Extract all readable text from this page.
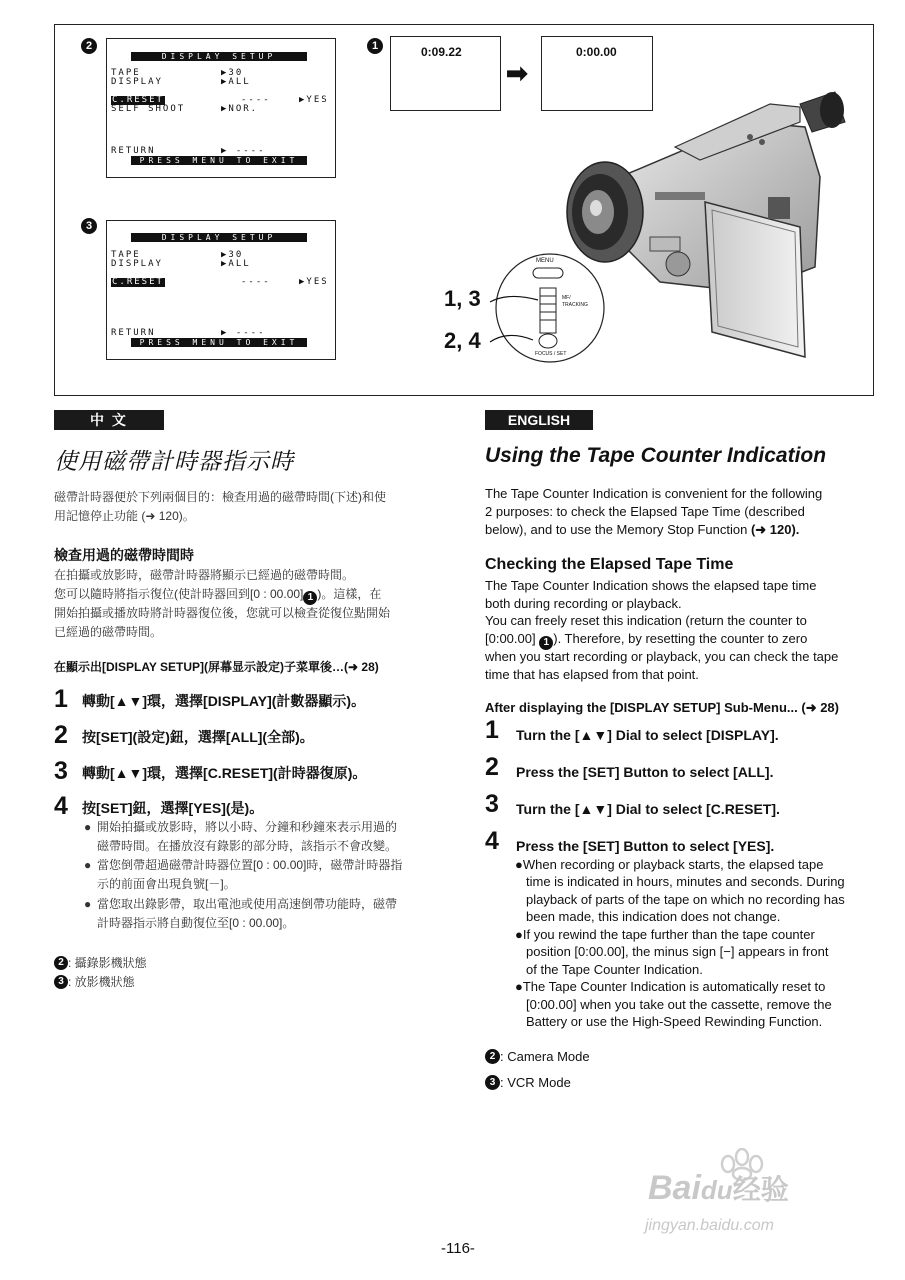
2
DISPLAY SETUP
TAPE	▶30
DISPLAY	▶ALL
C.RESET	----	▶YES
SELF SHOOT	▶NOR.
RETURN	▶ ----
PRESS MENU TO EXIT
3
DISPLAY SETUP
TAPE	▶30
DISPLAY	▶ALL
C.RESET	----	▶YES
RETURN	▶ ----
PRESS MENU TO EXIT
1	0:09.22
➡
0:00.00
MENU
MF/
TRACKING
FOCUS / SET
1, 3
2, 4
中 文
使用磁帶計時器指示時
磁帶計時器便於下列兩個目的：檢查用過的磁帶時間(下述)和使
用記憶停止功能 (➜ 120)。
檢查用過的磁帶時間時
在拍攝或放影時，磁帶計時器將顯示已經過的磁帶時間。
您可以隨時將指示復位(使計時器回到[0 : 00.00] 1 )。這樣，在
開始拍攝或播放時將計時器復位後，您就可以檢查從復位點開始
已經過的磁帶時間。
在顯示出[DISPLAY SETUP](屏幕显示設定)子菜單後…(➜ 28)
1 轉動[▲▼]環，選擇[DISPLAY](計數器顯示)。
2 按[SET](設定)鈕，選擇[ALL](全部)。
3 轉動[▲▼]環，選擇[C.RESET](計時器復原)。
4 按[SET]鈕，選擇[YES](是)。
● 開始拍攝或放影時，將以小時、分鐘和秒鐘來表示用過的
磁帶時間。在播放沒有錄影的部分時，該指示不會改變。
● 當您倒帶超過磁帶計時器位置[0 : 00.00]時，磁帶計時器指
示的前面會出現負號[－]。
● 當您取出錄影帶，取出電池或使用高速倒帶功能時，磁帶
計時器指示將自動復位至[0 : 00.00]。
2 : 攝錄影機狀態
3 : 放影機狀態
ENGLISH
Using the Tape Counter Indication
The Tape Counter Indication is convenient for the following
2 purposes: to check the Elapsed Tape Time (described
below), and to use the Memory Stop Function (➜ 120).
Checking the Elapsed Tape Time
The Tape Counter Indication shows the elapsed tape time
both during recording or playback.
You can freely reset this indication (return the counter to
[0:00.00] 1 ). Therefore, by resetting the counter to zero
when you start recording or playback, you can check the tape
time that has elapsed from that point.
After displaying the [DISPLAY SETUP] Sub-Menu... (➜ 28)
1 Turn the [▲▼] Dial to select [DISPLAY].
2 Press the [SET] Button to select [ALL].
3 Turn the [▲▼] Dial to select [C.RESET].
4 Press the [SET] Button to select [YES].
●When recording or playback starts, the elapsed tape
time is indicated in hours, minutes and seconds. During
playback of parts of the tape on which no recording has
been made, this indication does not change.
●If you rewind the tape further than the tape counter
position [0:00.00], the minus sign [−] appears in front
of the Tape Counter Indication.
●The Tape Counter Indication is automatically reset to
[0:00.00] when you take out the cassette, remove the
Battery or use the High-Speed Rewinding Function.
2 : Camera Mode
3 : VCR Mode
Baidu经验
jingyan.baidu.com
-116-
